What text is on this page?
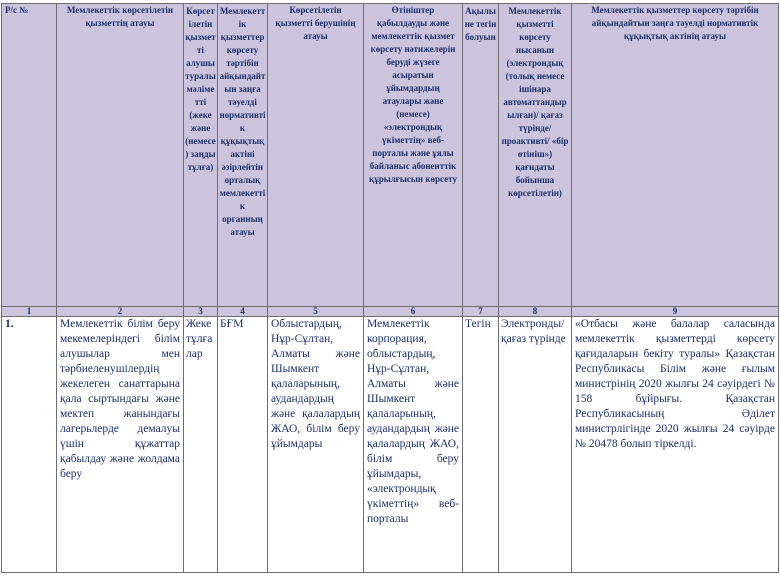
Р/с №	Мемлекеттік көрсетілетін қызметтің атауы	Көрсетілетін қызметті алушы туралы мәліметті (жеке және (немесе) заңды тұлға)	Мемлекеттік қызметтер көрсету тәртібін айқындайтын заңға тәуелді нормативтік құқықтық актіні әзірлейтін орталық мемлекеттік органның атауы	Көрсетілетін қызметті берушінің атауы	Өтініштер қабылдауды және мемлекеттік қызмет көрсету нәтижелерін беруді жүзеге асыратын ұйымдардың атаулары және (немесе) «электрондық үкіметтің» веб-порталы және ұялы байланыс абоненттік құрылғысын көрсету	Ақылы не тегін болуын	Мемлекеттік қызметті көрсету нысанын (электрондық (толық немесе ішінара автоматтандырылған)/ қағаз түрінде/ проактивті/ «бір өтініш») қағидаты бойынша көрсетілетін)	Мемлекеттік қызметтер көрсету тәртібін айқындайтын заңға тәуелді нормативтік құқықтық актінің атауы
1	2	3	4	5	6	7	8	9
1.	Мемлекеттік білім беру мекемелеріндегі білім алушылар мен тәрбиеленушілердің жекелеген санаттарына қала сыртындағы және мектеп жанындағы лагерьлерде демалуы үшін құжаттар қабылдау және жолдама беру	Жеке тұлғалар	БҒМ	Облыстардың, Нұр-Сұлтан, Алматы және Шымкент қалаларының, аудандардың және қалалардың ЖАО, білім беру ұйымдары	Мемлекеттік корпорация, облыстардың, Нұр-Сұлтан, Алматы және Шымкент қалаларының, аудандардың және қалалардың ЖАО, білім беру ұйымдары, «электрондық үкіметтің» веб-порталы	Тегін	Электронды/қағаз түрінде	«Отбасы және балалар саласында мемлекеттік қызметтерді көрсету қағидаларын бекіту туралы» Қазақстан Республикасы Білім және ғылым министрінің 2020 жылғы 24 сәуірдегі № 158 бұйрығы. Қазақстан Республикасының Әділет министрлігінде 2020 жылғы 24 сәуірде № 20478 болып тіркелді.
